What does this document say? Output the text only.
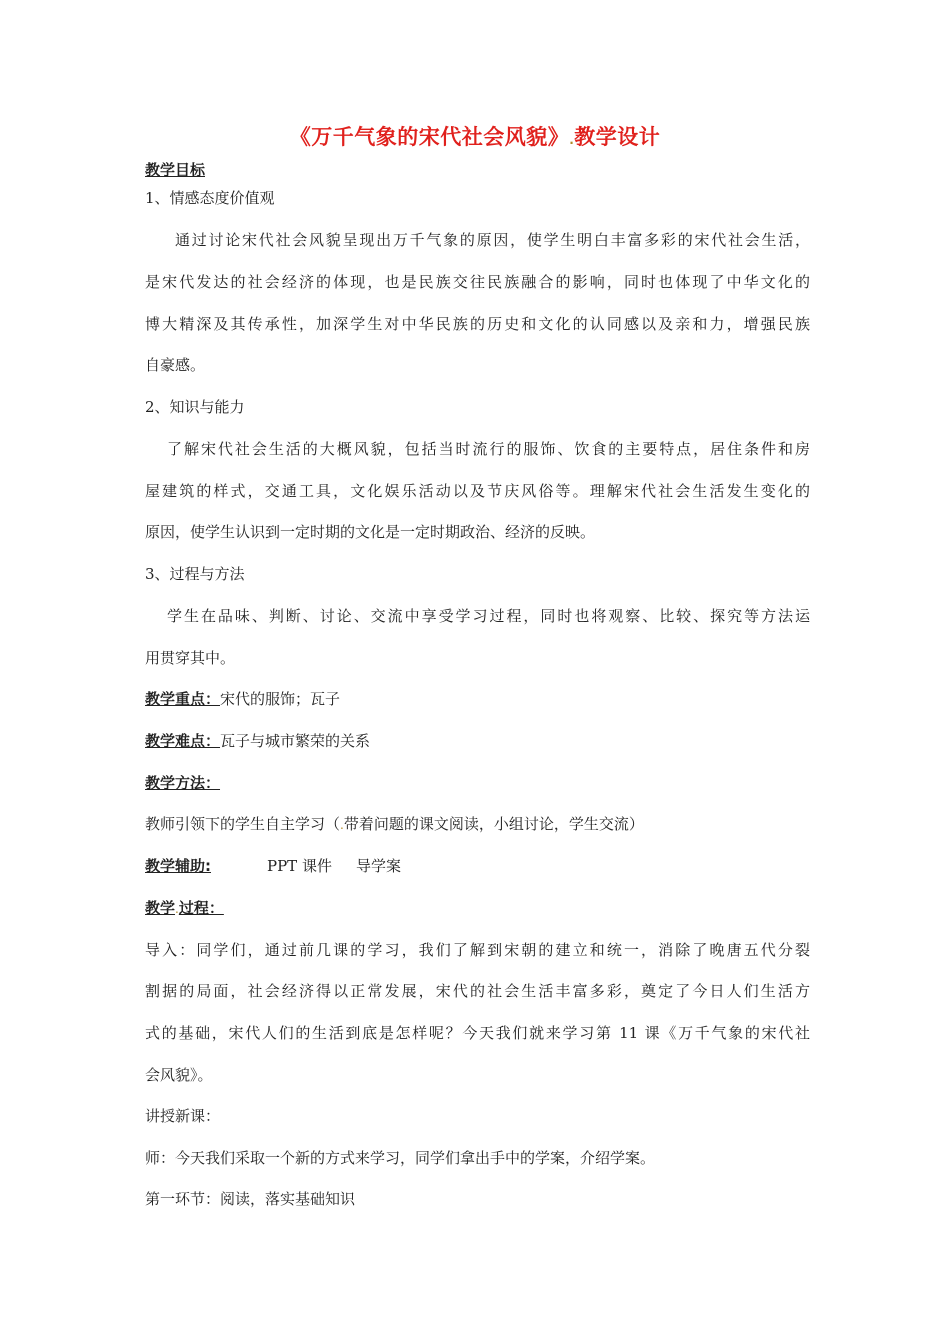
《万千气象的宋代社会风貌》.教学设计
教学目标
1、情感态度价值观
通过讨论宋代社会风貌呈现出万千气象的原因，使学生明白丰富多彩的宋代社会生活，
是宋代发达的社会经济的体现，也是民族交往民族融合的影响，同时也体现了中华文化的
博大精深及其传承性，加深学生对中华民族的历史和文化的认同感以及亲和力，增强民族
自豪感。
2、知识与能力
了解宋代社会生活的大概风貌，包括当时流行的服饰、饮食的主要特点，居住条件和房
屋建筑的样式，交通工具，文化娱乐活动以及节庆风俗等。理解宋代社会生活发生变化的
原因，使学生认识到一定时期的文化是一定时期政治、经济的反映。
3、过程与方法
学生在品味、判断、讨论、交流中享受学习过程，同时也将观察、比较、探究等方法运
用贯穿其中。
教学重点：宋代的服饰；瓦子
教学难点：瓦子与城市繁荣的关系
教学方法：
教师引领下的学生自主学习（.带着问题的课文阅读，小组讨论，学生交流）
教学辅助:	PPT 课件 导学案
教学.过程：
导入：同学们，通过前几课的学习，我们了解到宋朝的建立和统一，消除了晚唐五代分裂
割据的局面，社会经济得以正常发展，宋代的社会生活丰富多彩，奠定了今日人们生活方
式的基础，宋代人们的生活到底是怎样呢？今天我们就来学习第 11 课《万千气象的宋代社
会风貌》。
讲授新课：
师：今天我们采取一个新的方式来学习，同学们拿出手中的学案，介绍学案。
第一环节：阅读，落实基础知识
